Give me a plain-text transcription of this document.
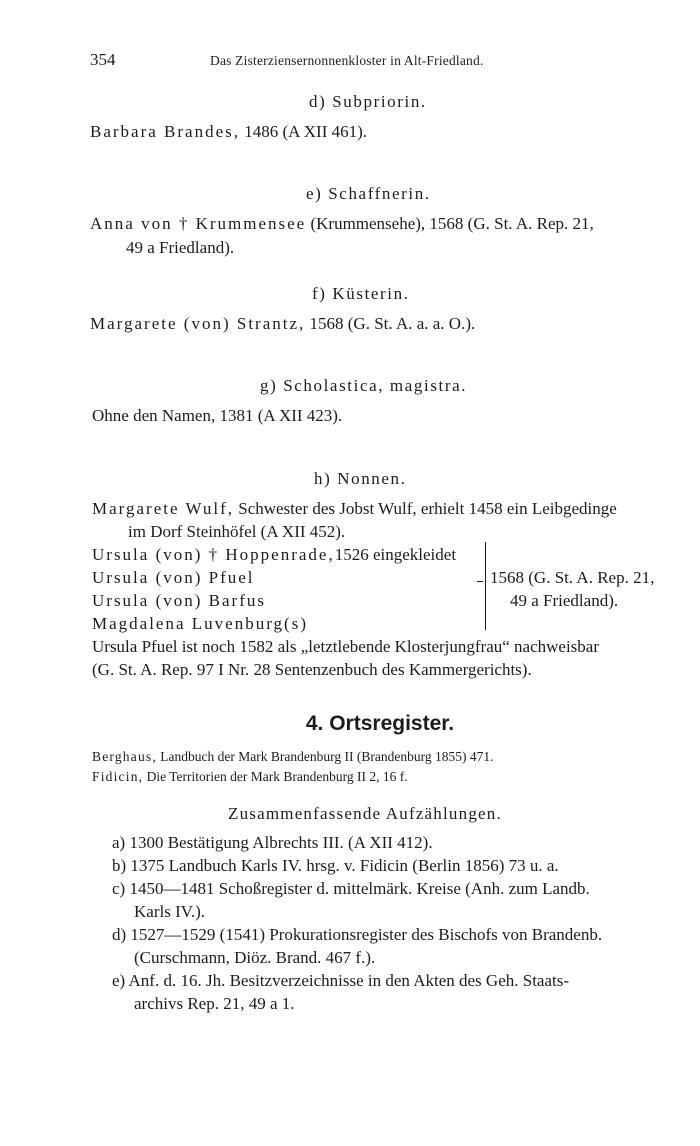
354	Das Zisterziensernonnenkloster in Alt-Friedland.
d) Subpriorin.
Barbara Brandes, 1486 (A XII 461).
e) Schaffnerin.
Anna von † Krummensee (Krummensehe), 1568 (G. St. A. Rep. 21,
49 a Friedland).
f) Küsterin.
Margarete (von) Strantz, 1568 (G. St. A. a. a. O.).
g) Scholastica, magistra.
Ohne den Namen, 1381 (A XII 423).
h) Nonnen.
Margarete Wulf, Schwester des Jobst Wulf, erhielt 1458 ein Leibgedinge
im Dorf Steinhöfel (A XII 452).
Ursula (von) † Hoppenrade,1526 eingekleidet
Ursula (von) Pfuel
Ursula (von) Barfus
Magdalena Luvenburg(s)
1568 (G. St. A. Rep. 21,
49 a Friedland).
Ursula Pfuel ist noch 1582 als „letztlebende Klosterjungfrau“ nachweisbar
(G. St. A. Rep. 97 I Nr. 28 Sentenzenbuch des Kammergerichts).
4. Ortsregister.
Berghaus, Landbuch der Mark Brandenburg II (Brandenburg 1855) 471.
Fidicin, Die Territorien der Mark Brandenburg II 2, 16 f.
Zusammenfassende Aufzählungen.
a) 1300 Bestätigung Albrechts III. (A XII 412).
b) 1375 Landbuch Karls IV. hrsg. v. Fidicin (Berlin 1856) 73 u. a.
c) 1450—1481 Schoßregister d. mittelmärk. Kreise (Anh. zum Landb.
Karls IV.).
d) 1527—1529 (1541) Prokurationsregister des Bischofs von Brandenb.
(Curschmann, Diöz. Brand. 467 f.).
e) Anf. d. 16. Jh. Besitzverzeichnisse in den Akten des Geh. Staats-
archivs Rep. 21, 49 a 1.
